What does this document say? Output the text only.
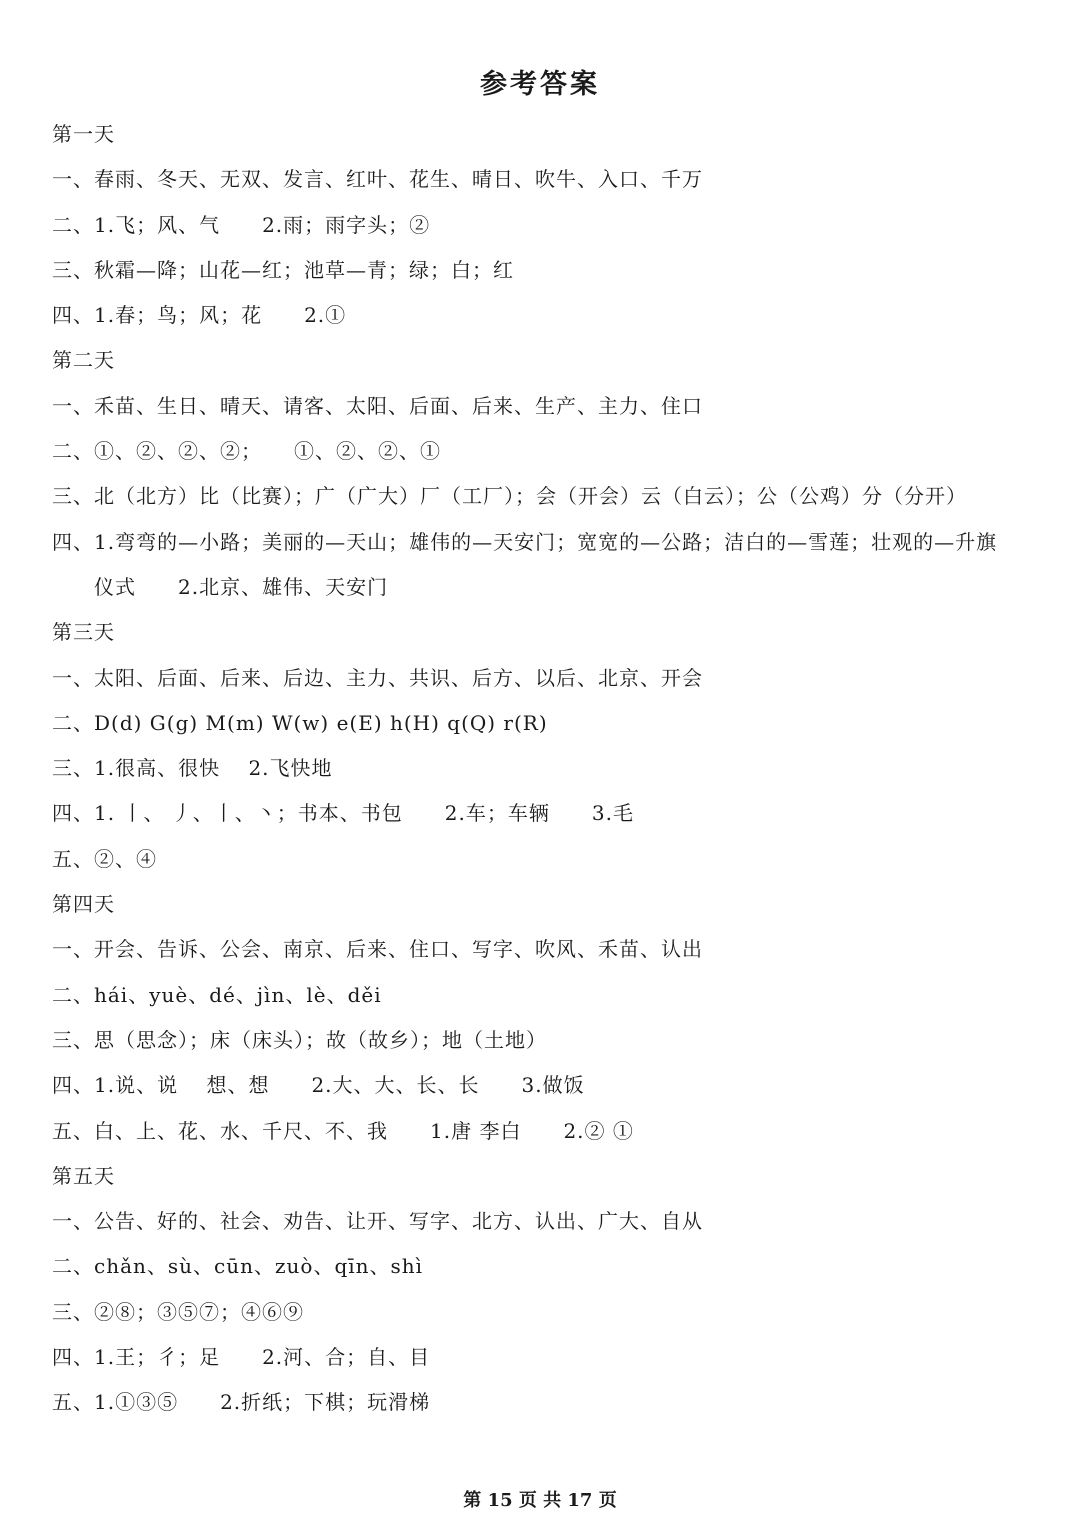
参考答案
第一天
一、春雨、冬天、无双、发言、红叶、花生、晴日、吹牛、入口、千万
二、1.飞；风、气　　2.雨；雨字头；②
三、秋霜—降；山花—红；池草—青；绿；白；红
四、1.春；鸟；风；花　　2.①
第二天
一、禾苗、生日、晴天、请客、太阳、后面、后来、生产、主力、住口
二、①、②、②、②；　　①、②、②、①
三、北（北方）比（比赛）；广（广大）厂（工厂）；会（开会）云（白云）；公（公鸡）分（分开）
四、1.弯弯的—小路；美丽的—天山；雄伟的—天安门；宽宽的—公路；洁白的—雪莲；壮观的—升旗
仪式　　2.北京、雄伟、天安门
第三天
一、太阳、后面、后来、后边、主力、共识、后方、以后、北京、开会
二、D(d) G(g) M(m) W(w) e(E) h(H) q(Q) r(R)
三、1.很高、很快　 2.飞快地
四、1. 丨、 丿、丨、丶；书本、书包　　2.车；车辆　　3.毛
五、②、④
第四天
一、开会、告诉、公会、南京、后来、住口、写字、吹风、禾苗、认出
二、hái、yuè、dé、jìn、lè、děi
三、思（思念）；床（床头）；故（故乡）；地（土地）
四、1.说、说　 想、想　　2.大、大、长、长　　3.做饭
五、白、上、花、水、千尺、不、我　　1.唐 李白　　2.② ①
第五天
一、公告、好的、社会、劝告、让开、写字、北方、认出、广大、自从
二、chǎn、sù、cūn、zuò、qīn、shì
三、②⑧；③⑤⑦；④⑥⑨
四、1.王；彳；足　　2.河、合；自、目
五、1.①③⑤　　2.折纸；下棋；玩滑梯
第 15 页 共 17 页
